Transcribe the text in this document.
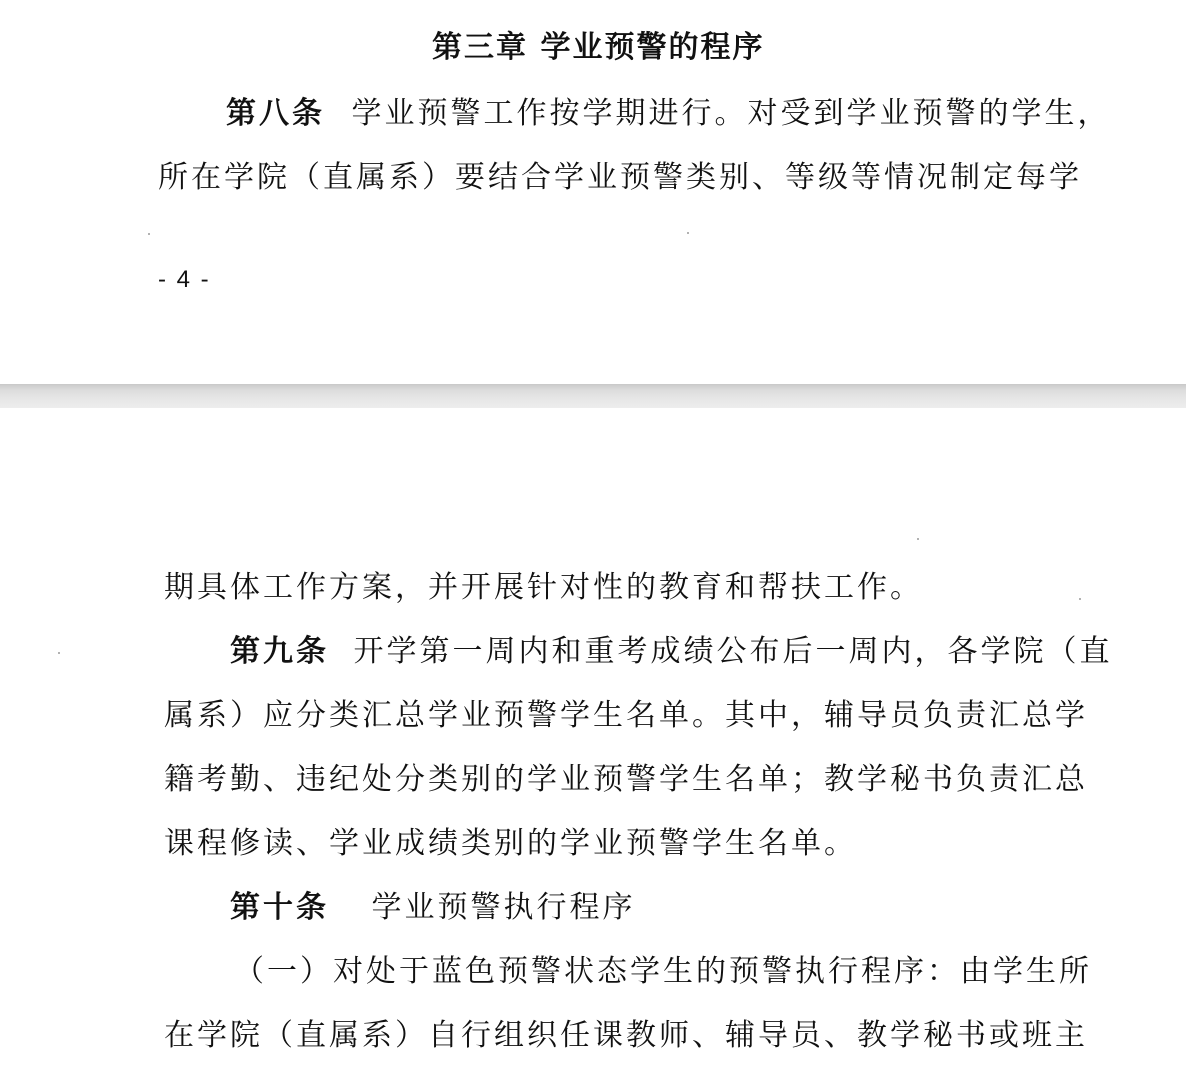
第三章 学业预警的程序
第八条 学业预警工作按学期进行。对受到学业预警的学生，
所在学院（直属系）要结合学业预警类别、等级等情况制定每学
- 4 -
期具体工作方案，并开展针对性的教育和帮扶工作。
第九条 开学第一周内和重考成绩公布后一周内，各学院（直
属系）应分类汇总学业预警学生名单。其中，辅导员负责汇总学
籍考勤、违纪处分类别的学业预警学生名单；教学秘书负责汇总
课程修读、学业成绩类别的学业预警学生名单。
第十条 学业预警执行程序
（一）对处于蓝色预警状态学生的预警执行程序：由学生所
在学院（直属系）自行组织任课教师、辅导员、教学秘书或班主
